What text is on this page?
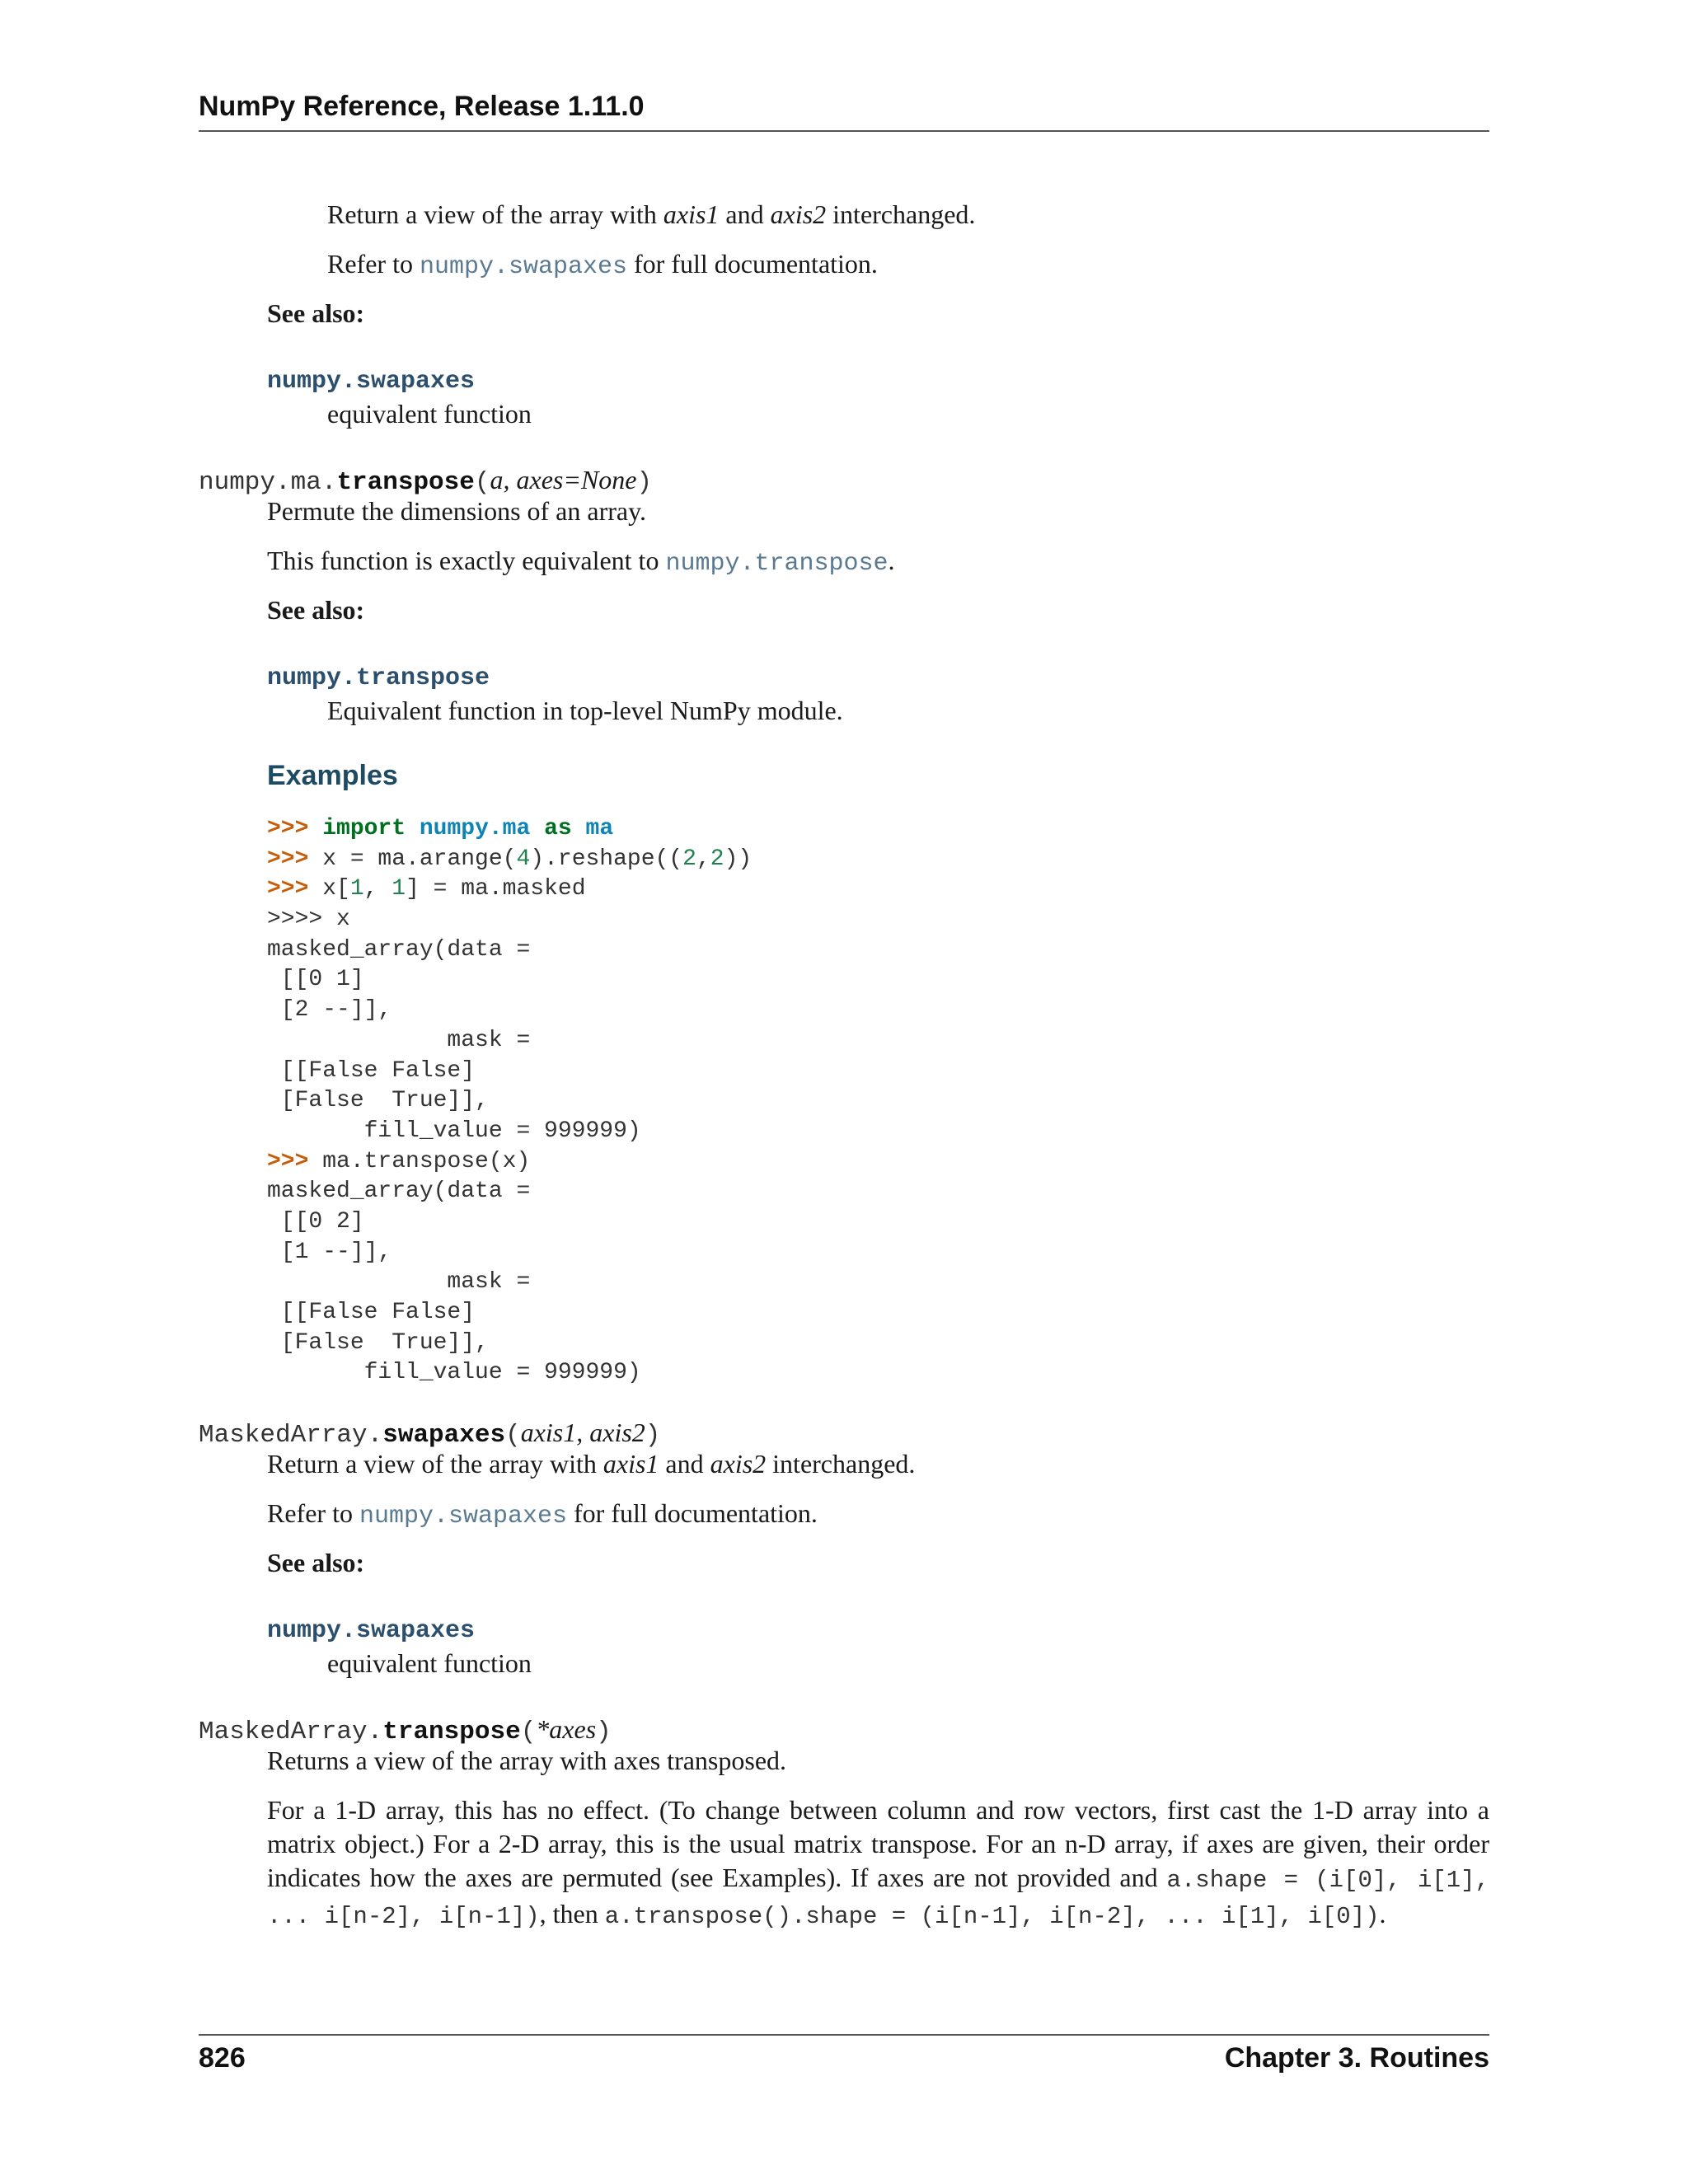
NumPy Reference, Release 1.11.0
Return a view of the array with axis1 and axis2 interchanged.
Refer to numpy.swapaxes for full documentation.
See also:
numpy.swapaxes
equivalent function
numpy.ma.transpose(a, axes=None)
Permute the dimensions of an array.
This function is exactly equivalent to numpy.transpose.
See also:
numpy.transpose
Equivalent function in top-level NumPy module.
Examples
>>> import numpy.ma as ma
>>> x = ma.arange(4).reshape((2,2))
>>> x[1, 1] = ma.masked
>>>> x
masked_array(data =
[[0 1]
[2 --]],
mask =
[[False False]
[False  True]],
fill_value = 999999)
>>> ma.transpose(x)
masked_array(data =
[[0 2]
[1 --]],
mask =
[[False False]
[False  True]],
fill_value = 999999)
MaskedArray.swapaxes(axis1, axis2)
Return a view of the array with axis1 and axis2 interchanged.
Refer to numpy.swapaxes for full documentation.
See also:
numpy.swapaxes
equivalent function
MaskedArray.transpose(*axes)
Returns a view of the array with axes transposed.
For a 1-D array, this has no effect. (To change between column and row vectors, first cast the 1-D array into a matrix object.) For a 2-D array, this is the usual matrix transpose. For an n-D array, if axes are given, their order indicates how the axes are permuted (see Examples). If axes are not provided and a.shape = (i[0], i[1], ... i[n-2], i[n-1]), then a.transpose().shape = (i[n-1], i[n-2], ... i[1], i[0]).
826	Chapter 3. Routines
